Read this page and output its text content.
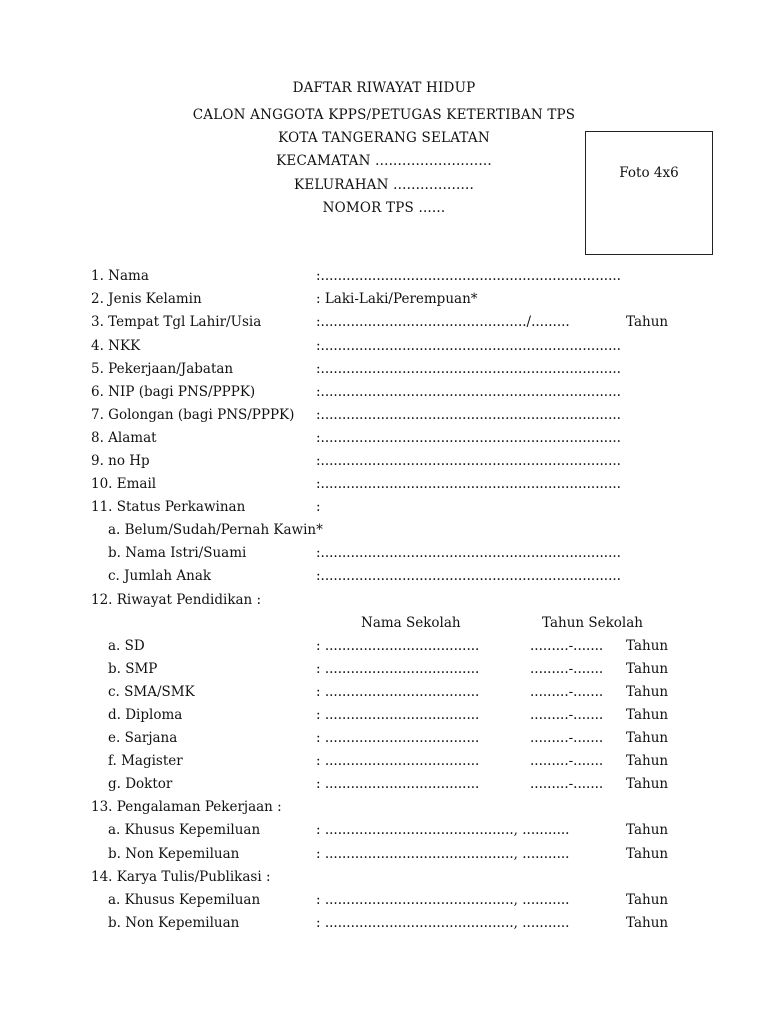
DAFTAR RIWAYAT HIDUP
CALON ANGGOTA KPPS/PETUGAS KETERTIBAN TPS
KOTA TANGERANG SELATAN
KECAMATAN ..........................
KELURAHAN ..................
NOMOR TPS ......
Foto 4x6
1. Nama	:......................................................................
2. Jenis Kelamin	: Laki-Laki/Perempuan*
3. Tempat Tgl Lahir/Usia	:................................................/.........	Tahun
4. NKK	:......................................................................
5. Pekerjaan/Jabatan	:......................................................................
6. NIP (bagi PNS/PPPK)	:......................................................................
7. Golongan (bagi PNS/PPPK) :......................................................................
8. Alamat	:......................................................................
9. no Hp	:......................................................................
10. Email	:......................................................................
11. Status Perkawinan	:
a. Belum/Sudah/Pernah Kawin*
b. Nama Istri/Suami	:......................................................................
c. Jumlah Anak	:......................................................................
12. Riwayat Pendidikan :
Nama Sekolah	Tahun Sekolah
a. SD	: ....................................	.........-....... Tahun
b. SMP	: ....................................	.........-....... Tahun
c. SMA/SMK	: ....................................	.........-....... Tahun
d. Diploma	: ....................................	.........-....... Tahun
e. Sarjana	: ....................................	.........-....... Tahun
f. Magister	: ....................................	.........-....... Tahun
g. Doktor	: ....................................	.........-....... Tahun
13. Pengalaman Pekerjaan :
a. Khusus Kepemiluan	: ............................................, ...........	Tahun
b. Non Kepemiluan	: ............................................, ...........	Tahun
14. Karya Tulis/Publikasi :
a. Khusus Kepemiluan	: ............................................, ...........	Tahun
b. Non Kepemiluan	: ............................................, ...........	Tahun
